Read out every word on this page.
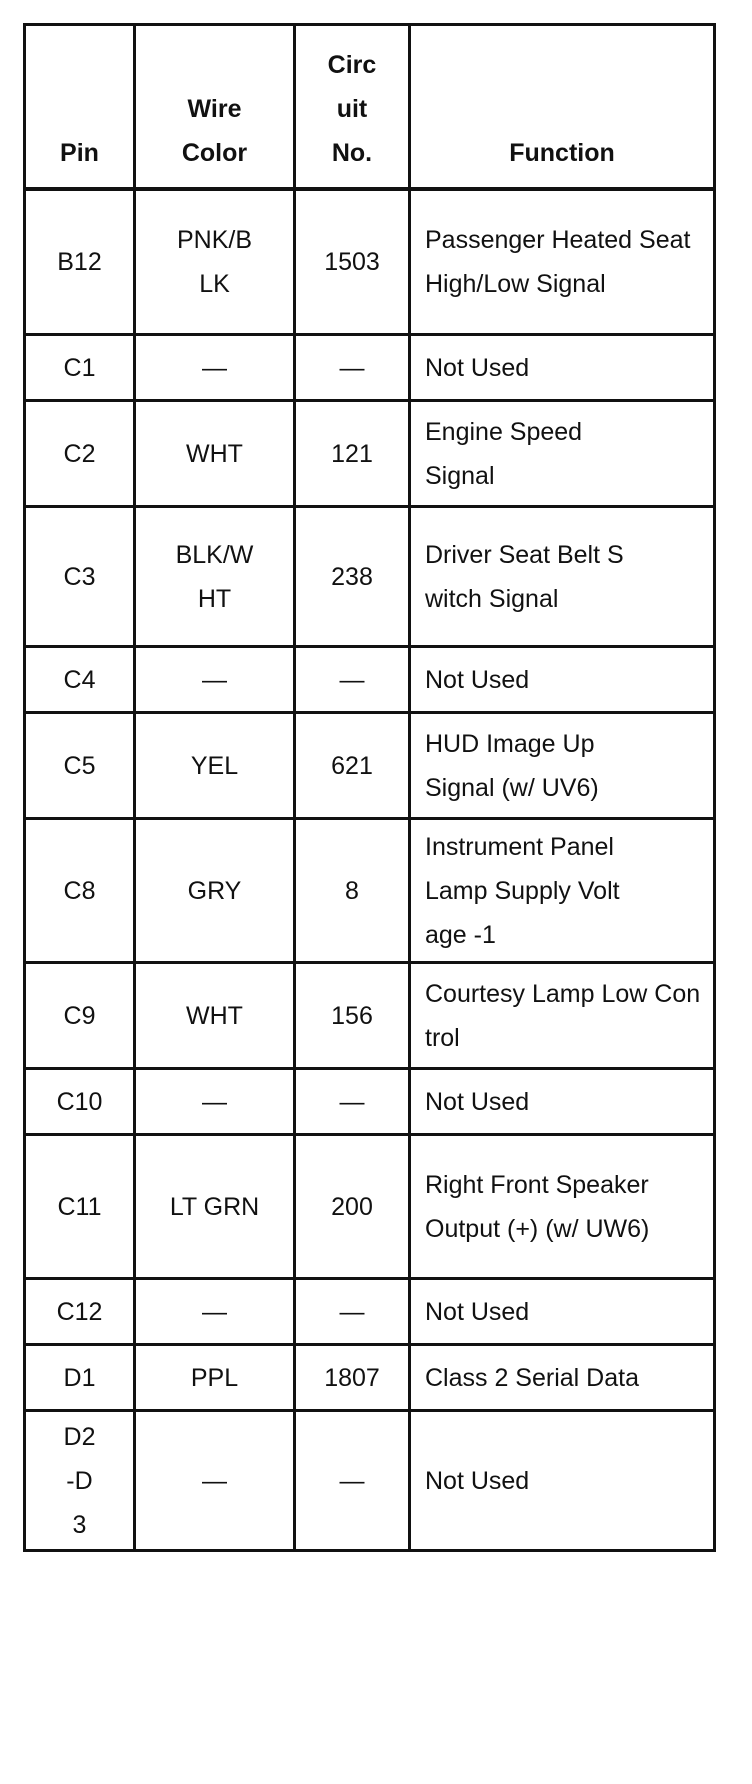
Pin	Wire Color	Circuit No.	Function
B12	PNK/BLK	1503	Passenger Heated Seat High/Low Signal
C1	—	—	Not Used
C2	WHT	121	Engine Speed Signal
C3	BLK/WHT	238	Driver Seat Belt Switch Signal
C4	—	—	Not Used
C5	YEL	621	HUD Image Up Signal (w/ UV6)
C8	GRY	8	Instrument Panel Lamp Supply Voltage -1
C9	WHT	156	Courtesy Lamp Low Control
C10	—	—	Not Used
C11	LT GRN	200	Right Front Speaker Output (+) (w/ UW6)
C12	—	—	Not Used
D1	PPL	1807	Class 2 Serial Data
D2-D3	—	—	Not Used
